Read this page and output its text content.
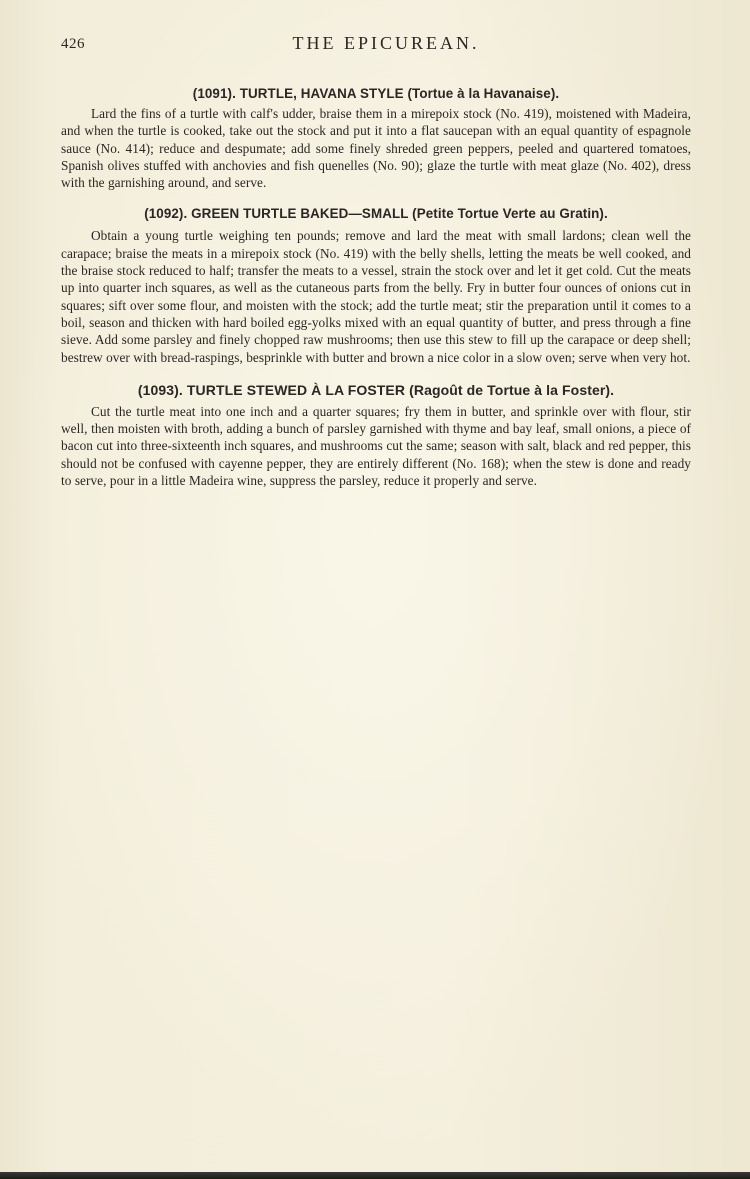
426	THE EPICUREAN.
(1091). TURTLE, HAVANA STYLE (Tortue à la Havanaise).

Lard the fins of a turtle with calf's udder, braise them in a mirepoix stock (No. 419), moistened with Madeira, and when the turtle is cooked, take out the stock and put it into a flat saucepan with an equal quantity of espagnole sauce (No. 414); reduce and despumate; add some finely shreded green peppers, peeled and quartered tomatoes, Spanish olives stuffed with anchovies and fish quenelles (No. 90); glaze the turtle with meat glaze (No. 402), dress with the garnishing around, and serve.

(1092). GREEN TURTLE BAKED—SMALL (Petite Tortue Verte au Gratin).

Obtain a young turtle weighing ten pounds; remove and lard the meat with small lardons; clean well the carapace; braise the meats in a mirepoix stock (No. 419) with the belly shells, letting the meats be well cooked, and the braise stock reduced to half; transfer the meats to a vessel, strain the stock over and let it get cold. Cut the meats up into quarter inch squares, as well as the cutaneous parts from the belly. Fry in butter four ounces of onions cut in squares; sift over some flour, and moisten with the stock; add the turtle meat; stir the preparation until it comes to a boil, season and thicken with hard boiled egg-yolks mixed with an equal quantity of butter, and press through a fine sieve. Add some parsley and finely chopped raw mushrooms; then use this stew to fill up the carapace or deep shell; bestrew over with bread-raspings, besprinkle with butter and brown a nice color in a slow oven; serve when very hot.

(1093). TURTLE STEWED À LA FOSTER (Ragoût de Tortue à la Foster).

Cut the turtle meat into one inch and a quarter squares; fry them in butter, and sprinkle over with flour, stir well, then moisten with broth, adding a bunch of parsley garnished with thyme and bay leaf, small onions, a piece of bacon cut into three-sixteenth inch squares, and mushrooms cut the same; season with salt, black and red pepper, this should not be confused with cayenne pepper, they are entirely different (No. 168); when the stew is done and ready to serve, pour in a little Madeira wine, suppress the parsley, reduce it properly and serve.
